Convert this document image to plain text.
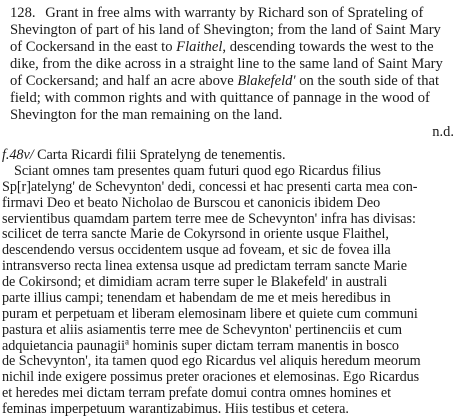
128. Grant in free alms with warranty by Richard son of Sprateling of
Shevington of part of his land of Shevington; from the land of Saint Mary
of Cockersand in the east to Flaithel, descending towards the west to the
dike, from the dike across in a straight line to the same land of Saint Mary
of Cockersand; and half an acre above Blakefeld' on the south side of that
field; with common rights and with quittance of pannage in the wood of
Shevington for the man remaining on the land.
n.d.
f.48v/ Carta Ricardi filii Spratelyng de tenementis.
Sciant omnes tam presentes quam futuri quod ego Ricardus filius
Sp[r]atelyng' de Schevynton' dedi, concessi et hac presenti carta mea con-
firmavi Deo et beato Nicholao de Burscou et canonicis ibidem Deo
servientibus quamdam partem terre mee de Schevynton' infra has divisas:
scilicet de terra sancte Marie de Cokyrsond in oriente usque Flaithel,
descendendo versus occidentem usque ad foveam, et sic de fovea illa
intransverso recta linea extensa usque ad predictam terram sancte Marie
de Cokirsond; et dimidiam acram terre super le Blakefeld' in australi
parte illius campi; tenendam et habendam de me et meis heredibus in
puram et perpetuam et liberam elemosinam libere et quiete cum communi
pastura et aliis asiamentis terre mee de Schevynton' pertinenciis et cum
adquietancia paunagii$^a$ hominis super dictam terram manentis in bosco
de Schevynton', ita tamen quod ego Ricardus vel aliquis heredum meorum
nichil inde exigere possimus preter oraciones et elemosinas. Ego Ricardus
et heredes mei dictam terram prefate domui contra omnes homines et
feminas imperpetuum warantizabimus. Hiis testibus et cetera.
